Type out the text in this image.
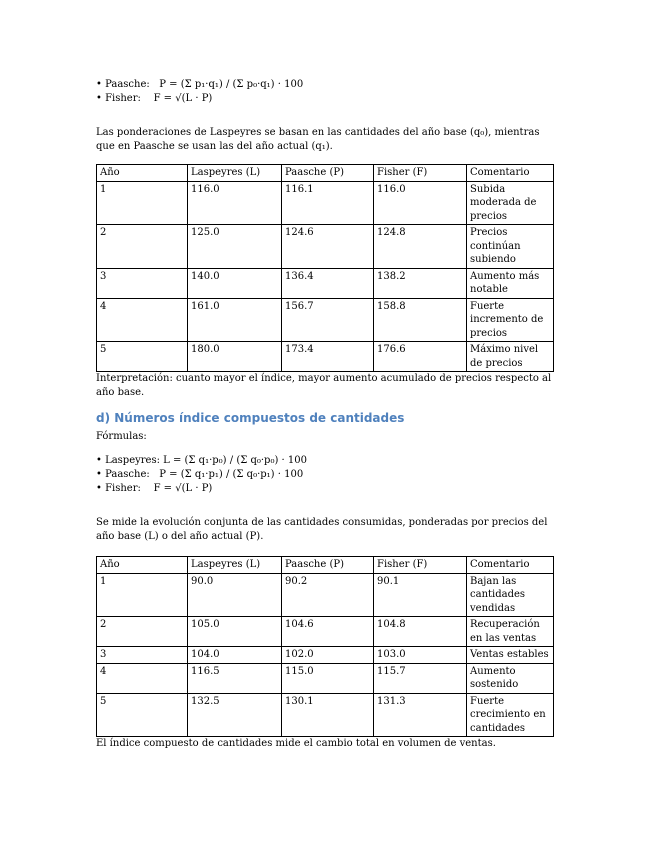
• Paasche:   P = (Σ p₁·q₁) / (Σ p₀·q₁) · 100

• Fisher:    F = √(L · P)

Las ponderaciones de Laspeyres se basan en las cantidades del año base (q₀), mientras que en Paasche se usan las del año actual (q₁).

Año	Laspeyres (L)	Paasche (P)	Fisher (F)	Comentario
1	116.0	116.1	116.0	Subida moderada de precios
2	125.0	124.6	124.8	Precios continúan subiendo
3	140.0	136.4	138.2	Aumento más notable
4	161.0	156.7	158.8	Fuerte incremento de precios
5	180.0	173.4	176.6	Máximo nivel de precios

Interpretación: cuanto mayor el índice, mayor aumento acumulado de precios respecto al año base.

d) Números índice compuestos de cantidades

Fórmulas:

• Laspeyres: L = (Σ q₁·p₀) / (Σ q₀·p₀) · 100

• Paasche:   P = (Σ q₁·p₁) / (Σ q₀·p₁) · 100

• Fisher:    F = √(L · P)

Se mide la evolución conjunta de las cantidades consumidas, ponderadas por precios del año base (L) o del año actual (P).

Año	Laspeyres (L)	Paasche (P)	Fisher (F)	Comentario
1	90.0	90.2	90.1	Bajan las cantidades vendidas
2	105.0	104.6	104.8	Recuperación en las ventas
3	104.0	102.0	103.0	Ventas estables
4	116.5	115.0	115.7	Aumento sostenido
5	132.5	130.1	131.3	Fuerte crecimiento en cantidades

El índice compuesto de cantidades mide el cambio total en volumen de ventas.
